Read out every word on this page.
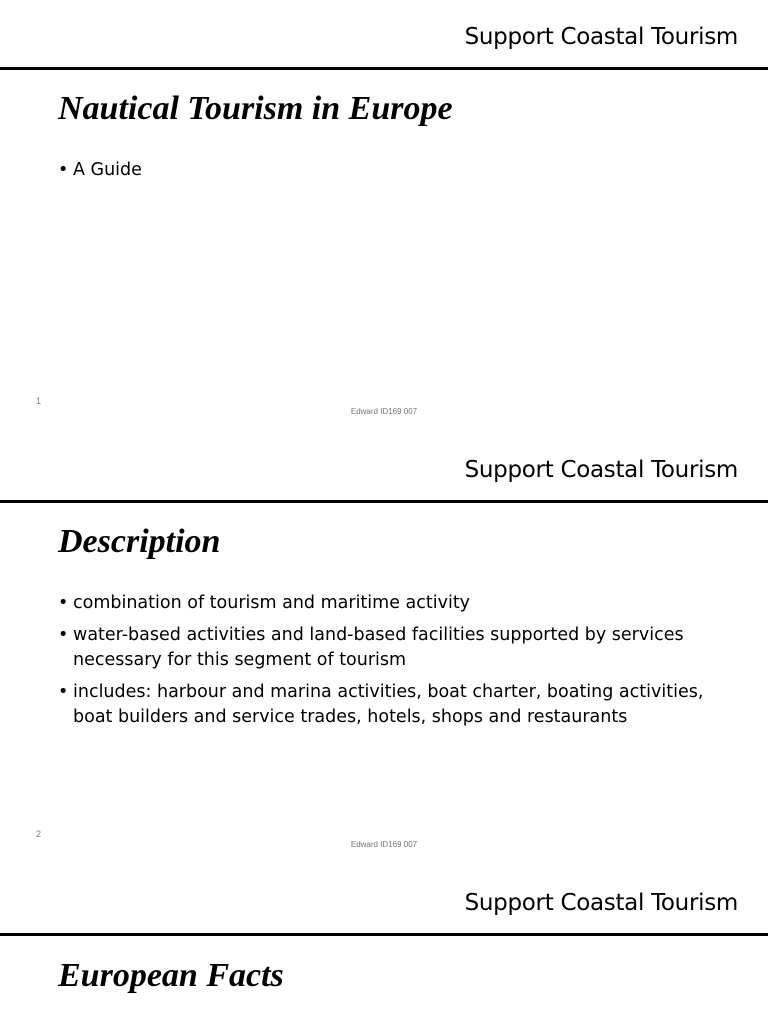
Support Coastal Tourism
Nautical Tourism in Europe
• A Guide
1
Edward ID169 007
Support Coastal Tourism
Description
• combination of tourism and maritime activity
• water-based activities and land-based facilities supported by services necessary for this segment of tourism
• includes: harbour and marina activities, boat charter, boating activities, boat builders and service trades, hotels, shops and restaurants
2
Edward ID169 007
Support Coastal Tourism
European Facts
